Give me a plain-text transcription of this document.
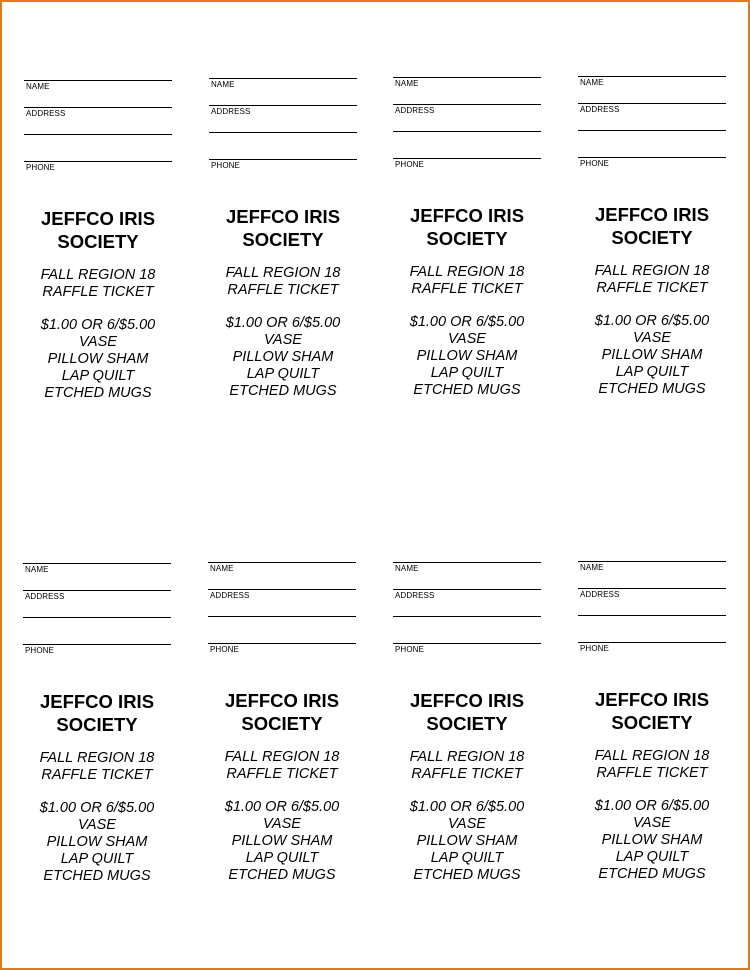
NAME
ADDRESS
PHONE
JEFFCO IRIS
SOCIETY
FALL REGION 18
RAFFLE TICKET
$1.00 OR 6/$5.00
VASE
PILLOW SHAM
LAP QUILT
ETCHED MUGS
NAME
ADDRESS
PHONE
JEFFCO IRIS
SOCIETY
FALL REGION 18
RAFFLE TICKET
$1.00 OR 6/$5.00
VASE
PILLOW SHAM
LAP QUILT
ETCHED MUGS
NAME
ADDRESS
PHONE
JEFFCO IRIS
SOCIETY
FALL REGION 18
RAFFLE TICKET
$1.00 OR 6/$5.00
VASE
PILLOW SHAM
LAP QUILT
ETCHED MUGS
NAME
ADDRESS
PHONE
JEFFCO IRIS
SOCIETY
FALL REGION 18
RAFFLE TICKET
$1.00 OR 6/$5.00
VASE
PILLOW SHAM
LAP QUILT
ETCHED MUGS
NAME
ADDRESS
PHONE
JEFFCO IRIS
SOCIETY
FALL REGION 18
RAFFLE TICKET
$1.00 OR 6/$5.00
VASE
PILLOW SHAM
LAP QUILT
ETCHED MUGS
NAME
ADDRESS
PHONE
JEFFCO IRIS
SOCIETY
FALL REGION 18
RAFFLE TICKET
$1.00 OR 6/$5.00
VASE
PILLOW SHAM
LAP QUILT
ETCHED MUGS
NAME
ADDRESS
PHONE
JEFFCO IRIS
SOCIETY
FALL REGION 18
RAFFLE TICKET
$1.00 OR 6/$5.00
VASE
PILLOW SHAM
LAP QUILT
ETCHED MUGS
NAME
ADDRESS
PHONE
JEFFCO IRIS
SOCIETY
FALL REGION 18
RAFFLE TICKET
$1.00 OR 6/$5.00
VASE
PILLOW SHAM
LAP QUILT
ETCHED MUGS
